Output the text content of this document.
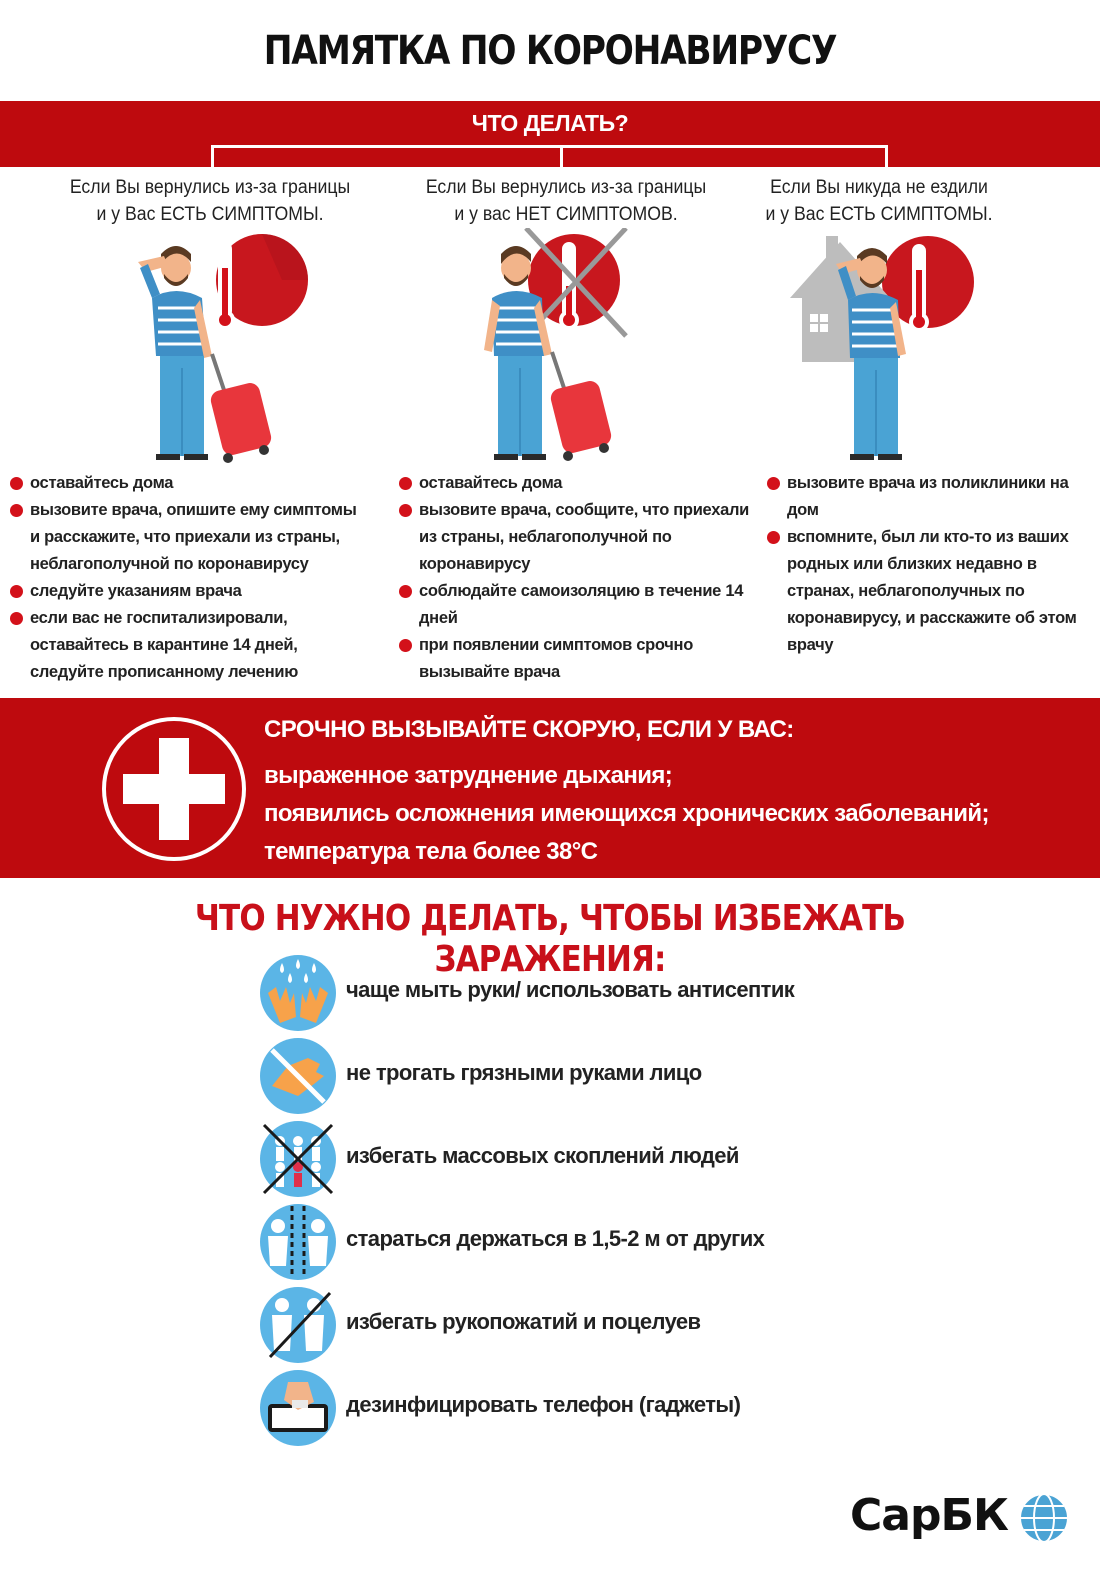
ПАМЯТКА ПО КОРОНАВИРУСУ
ЧТО ДЕЛАТЬ?
Если Вы вернулись из-за границы
и у Вас ЕСТЬ СИМПТОМЫ.
Если Вы вернулись из-за границы
и у вас НЕТ СИМПТОМОВ.
Если Вы никуда не ездили
и у Вас ЕСТЬ СИМПТОМЫ.
оставайтесь дома
вызовите врача, опишите ему симптомы и расскажите, что приехали из страны, неблагополучной по коронавирусу
следуйте указаниям врача
если вас не госпитализировали, оставайтесь в карантине 14 дней, следуйте прописанному лечению
оставайтесь дома
вызовите врача, сообщите, что приехали из страны, неблагополучной по коронавирусу
соблюдайте самоизоляцию в течение 14 дней
при появлении симптомов срочно вызывайте врача
вызовите врача из поликлиники на дом
вспомните, был ли кто-то из ваших родных или близких недавно в странах, неблагополучных по коронавирусу, и расскажите об этом врачу
СРОЧНО ВЫЗЫВАЙТЕ СКОРУЮ, ЕСЛИ У ВАС:
выраженное затруднение дыхания;
появились осложнения имеющихся хронических заболеваний;
температура тела более 38°С
ЧТО НУЖНО ДЕЛАТЬ, ЧТОБЫ ИЗБЕЖАТЬ ЗАРАЖЕНИЯ:
чаще мыть руки/ использовать антисептик
не трогать грязными руками лицо
избегать массовых скоплений людей
стараться держаться в 1,5-2 м от других
избегать рукопожатий и поцелуев
дезинфицировать телефон (гаджеты)
СарБК
